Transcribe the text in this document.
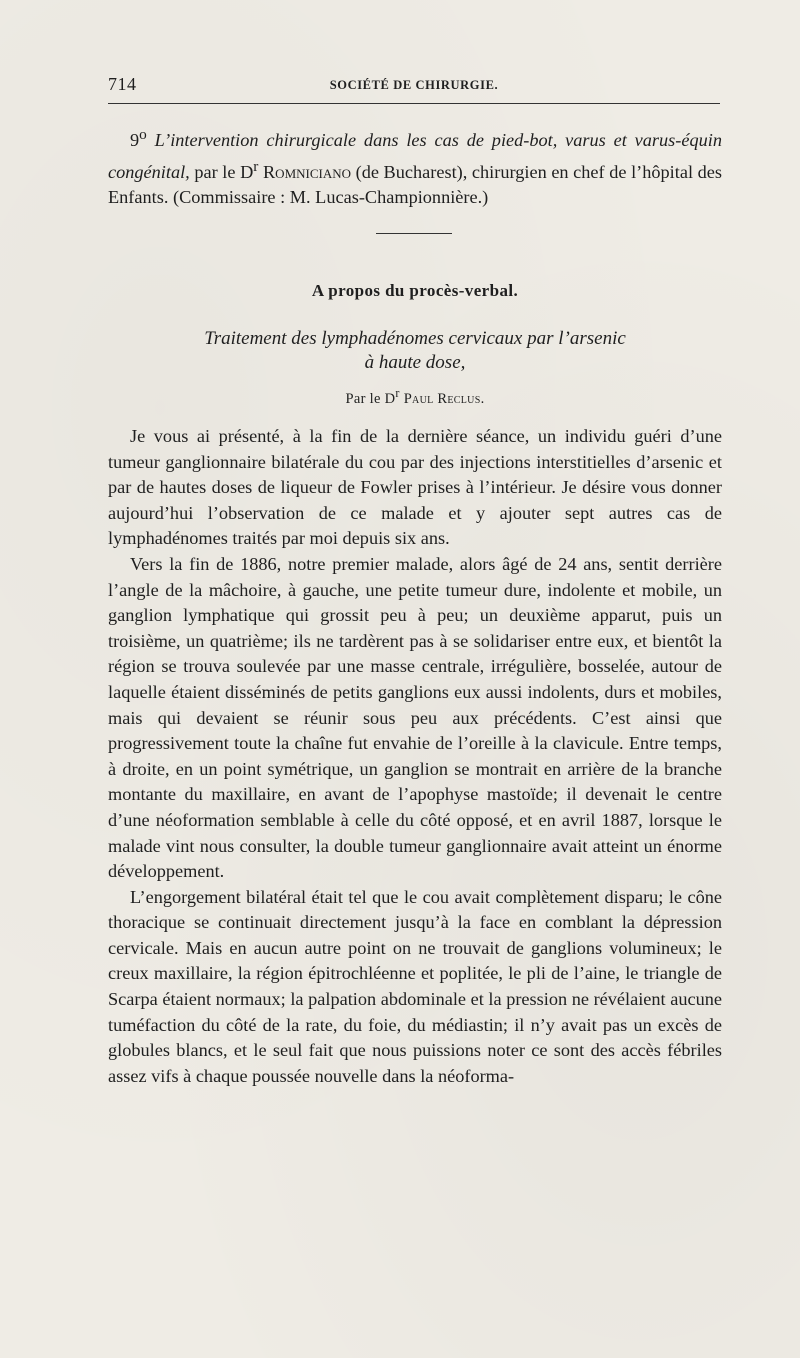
714	SOCIÉTÉ DE CHIRURGIE.

9$^o$ L’intervention chirurgicale dans les cas de pied-bot, varus et varus-équin congénital, par le $D^r$ Romniciano (de Bucharest), chirurgien en chef de l’hôpital des Enfants. (Commissaire : M. Lucas-Championnière.)

A propos du procès-verbal.
Traitement des lymphadénomes cervicaux par l’arsenic
à haute dose,
Par le $D^r$ Paul Reclus.

Je vous ai présenté, à la fin de la dernière séance, un individu guéri d’une tumeur ganglionnaire bilatérale du cou par des injections interstitielles d’arsenic et par de hautes doses de liqueur de Fowler prises à l’intérieur. Je désire vous donner aujourd’hui l’observation de ce malade et y ajouter sept autres cas de lymphadénomes traités par moi depuis six ans.

Vers la fin de 1886, notre premier malade, alors âgé de 24 ans, sentit derrière l’angle de la mâchoire, à gauche, une petite tumeur dure, indolente et mobile, un ganglion lymphatique qui grossit peu à peu; un deuxième apparut, puis un troisième, un quatrième; ils ne tardèrent pas à se solidariser entre eux, et bientôt la région se trouva soulevée par une masse centrale, irrégulière, bosselée, autour de laquelle étaient disséminés de petits ganglions eux aussi indolents, durs et mobiles, mais qui devaient se réunir sous peu aux précédents. C’est ainsi que progressivement toute la chaîne fut envahie de l’oreille à la clavicule. Entre temps, à droite, en un point symétrique, un ganglion se montrait en arrière de la branche montante du maxillaire, en avant de l’apophyse mastoïde; il devenait le centre d’une néoformation semblable à celle du côté opposé, et en avril 1887, lorsque le malade vint nous consulter, la double tumeur ganglionnaire avait atteint un énorme développement.

L’engorgement bilatéral était tel que le cou avait complètement disparu; le cône thoracique se continuait directement jusqu’à la face en comblant la dépression cervicale. Mais en aucun autre point on ne trouvait de ganglions volumineux; le creux maxillaire, la région épitrochléenne et poplitée, le pli de l’aine, le triangle de Scarpa étaient normaux; la palpation abdominale et la pression ne révélaient aucune tuméfaction du côté de la rate, du foie, du médiastin; il n’y avait pas un excès de globules blancs, et le seul fait que nous puissions noter ce sont des accès fébriles assez vifs à chaque poussée nouvelle dans la néoforma-
